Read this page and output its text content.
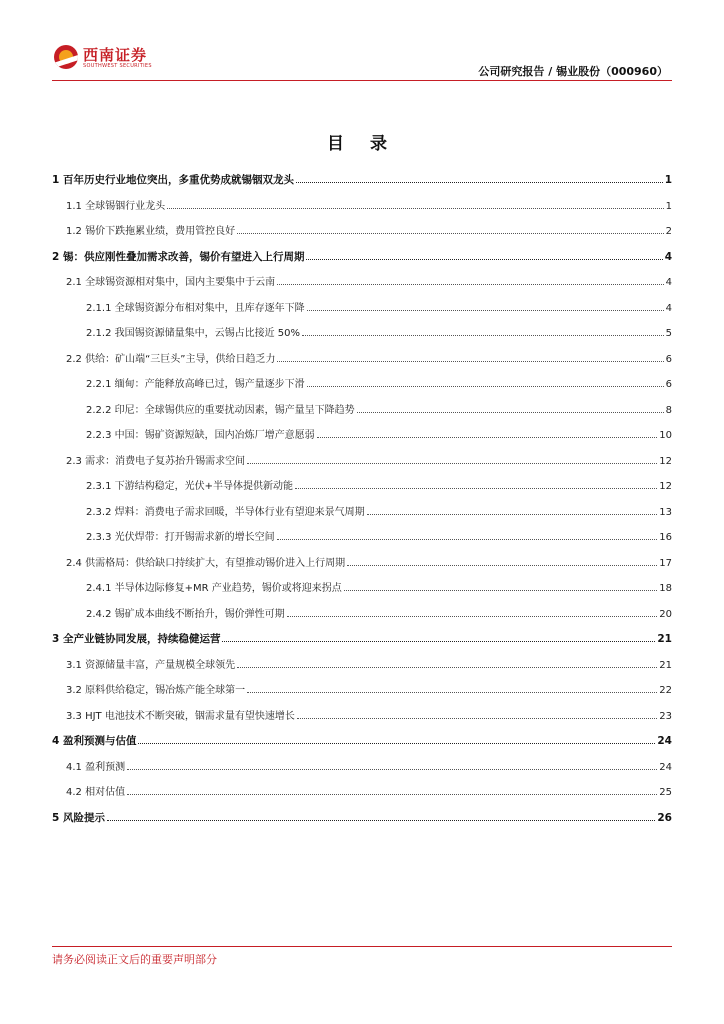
西南证券
SOUTHWEST SECURITIES	公司研究报告 / 锡业股份（000960）
目 录
1 百年历史行业地位突出，多重优势成就锡铟双龙头	1
1.1 全球锡铟行业龙头	1
1.2 锡价下跌拖累业绩，费用管控良好	2
2 锡：供应刚性叠加需求改善，锡价有望进入上行周期	4
2.1 全球锡资源相对集中，国内主要集中于云南	4
2.1.1 全球锡资源分布相对集中，且库存逐年下降	4
2.1.2 我国锡资源储量集中，云锡占比接近 50%	5
2.2 供给：矿山端“三巨头”主导，供给日趋乏力	6
2.2.1 缅甸：产能释放高峰已过，锡产量逐步下滑	6
2.2.2 印尼：全球锡供应的重要扰动因素，锡产量呈下降趋势	8
2.2.3 中国：锡矿资源短缺，国内冶炼厂增产意愿弱	10
2.3 需求：消费电子复苏抬升锡需求空间	12
2.3.1 下游结构稳定，光伏+半导体提供新动能	12
2.3.2 焊料：消费电子需求回暖，半导体行业有望迎来景气周期	13
2.3.3 光伏焊带：打开锡需求新的增长空间	16
2.4 供需格局：供给缺口持续扩大，有望推动锡价进入上行周期	17
2.4.1 半导体边际修复+MR 产业趋势，锡价或将迎来拐点	18
2.4.2 锡矿成本曲线不断抬升，锡价弹性可期	20
3 全产业链协同发展，持续稳健运营	21
3.1 资源储量丰富，产量规模全球领先	21
3.2 原料供给稳定，锡冶炼产能全球第一	22
3.3 HJT 电池技术不断突破，铟需求量有望快速增长	23
4 盈利预测与估值	24
4.1 盈利预测	24
4.2 相对估值	25
5 风险提示	26
请务必阅读正文后的重要声明部分
